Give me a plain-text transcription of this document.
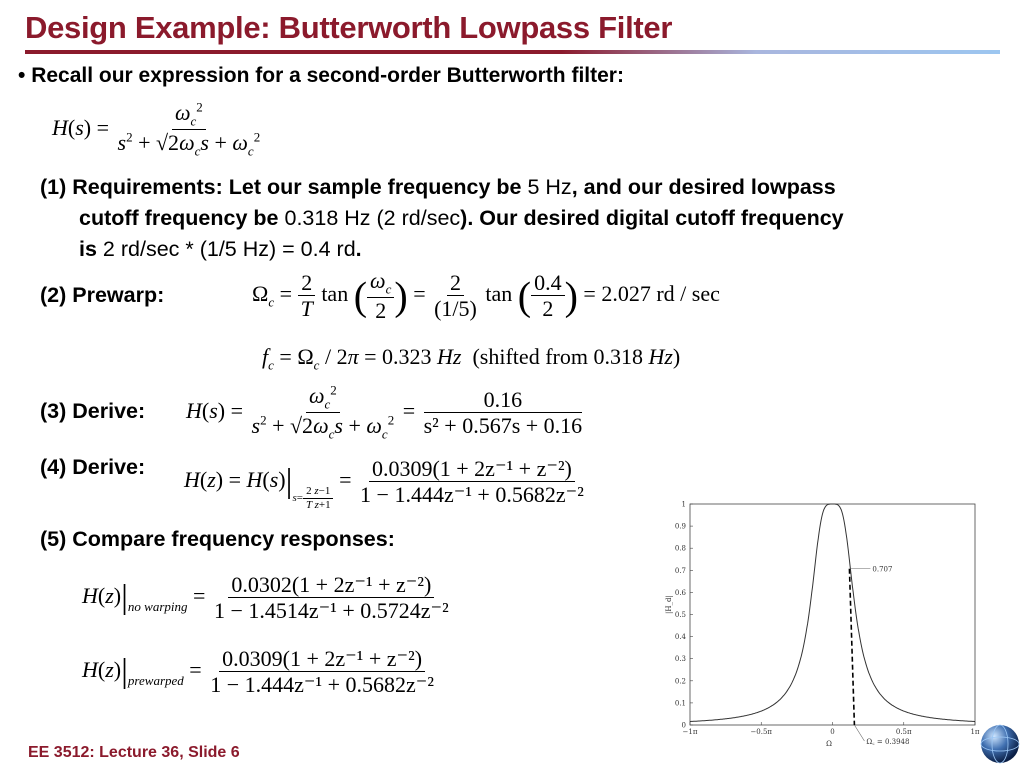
Design Example: Butterworth Lowpass Filter
• Recall our expression for a second-order Butterworth filter:
$H(s) = \frac{\omega_c^2}{s^2 + √2\omega_cs + \omega_c^2}$
(1) Requirements: Let our sample frequency be 5 Hz, and our desired lowpass
cutoff frequency be 0.318 Hz (2 rd/sec). Our desired digital cutoff frequency
is 2 rd/sec * (1/5 Hz) = 0.4 rd.
(2) Prewarp:	$\Omega_c = \frac{2}{T}$ tan ( $\frac{\omega_c}{2}$ ) = $\frac{2}{(1/5)}$ tan ( $\frac{0.4}{2}$ ) = 2.027 rd / sec
$f_c = \Omega_c / 2\pi = 0.323$ Hz (shifted from 0.318 Hz)
(3) Derive: $H(s) = \frac{\omega_c^2}{s^2 + √2\omega_cs + \omega_c^2} = \frac{0.16}{\text{s² + 0.567s + 0.16}}$
(4) Derive: $H(z) = H(s)|_{s= \frac{2 z-1}{\text{T z+1}}}$
= $\frac{\text{0.0309(1 + 2z⁻¹ + z⁻²)}}{\text{1 − 1.444z⁻¹ + 0.5682z⁻²}}$
(5) Compare frequency responses:
$H(z)|_{no warping} = \frac{\text{0.0302(1 + 2z⁻¹ + z⁻²)}}{\text{1 − 1.4514z⁻¹ + 0.5724z⁻²}}$
$H(z)|_{prewarped} = \frac{\text{0.0309(1 + 2z⁻¹ + z⁻²)}}{\text{1 − 1.444z⁻¹ + 0.5682z⁻²}}$
0
0.1
0.2
0.3
0.4
0.5
0.6
0.7
0.8
0.9
1
−1π	−0.5π	0	0.5π	1π
|H_d|
Ω
0.707
Ω꜀ = 0.3948
EE 3512: Lecture 36, Slide 6
